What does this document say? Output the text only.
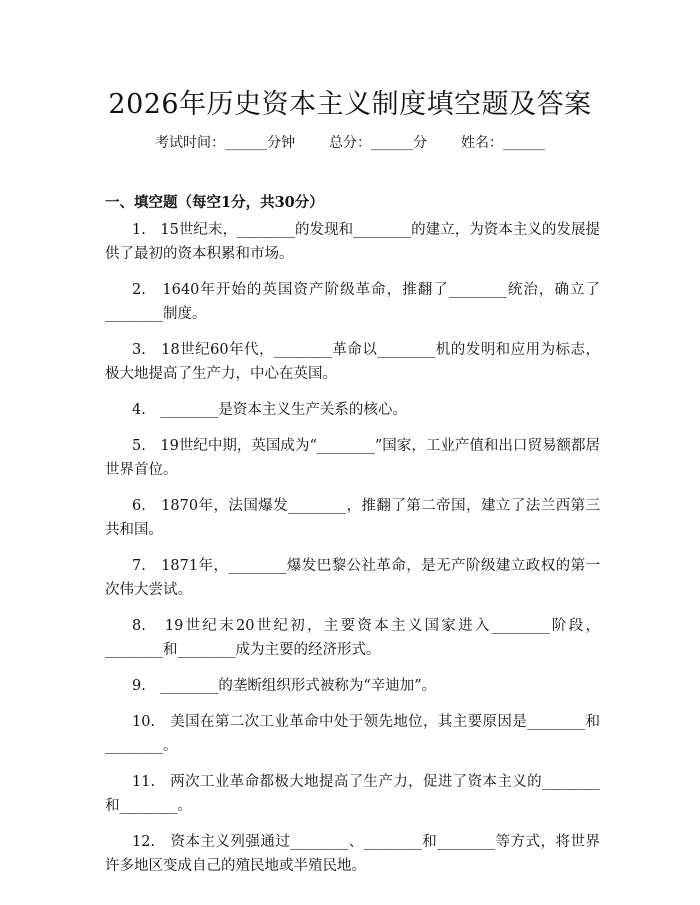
2026年历史资本主义制度填空题及答案
考试时间：______分钟 总分：______分 姓名：______
一、填空题（每空1分，共30分）

1.　15世纪末，________的发现和________的建立，为资本主义的发展提供了最初的资本积累和市场。

2.　1640年开始的英国资产阶级革命，推翻了________统治，确立了________制度。

3.　18世纪60年代，________革命以________机的发明和应用为标志，极大地提高了生产力，中心在英国。

4.　________是资本主义生产关系的核心。

5.　19世纪中期，英国成为“________”国家，工业产值和出口贸易额都居世界首位。

6.　1870年，法国爆发________，推翻了第二帝国，建立了法兰西第三共和国。

7.　1871年，________爆发巴黎公社革命，是无产阶级建立政权的第一次伟大尝试。

8.　19世纪末20世纪初，主要资本主义国家进入________阶段，________和________成为主要的经济形式。

9.　________的垄断组织形式被称为“辛迪加”。

10.　美国在第二次工业革命中处于领先地位，其主要原因是________和________。

11.　两次工业革命都极大地提高了生产力，促进了资本主义的________和________。

12.　资本主义列强通过________、________和________等方式，将世界许多地区变成自己的殖民地或半殖民地。
